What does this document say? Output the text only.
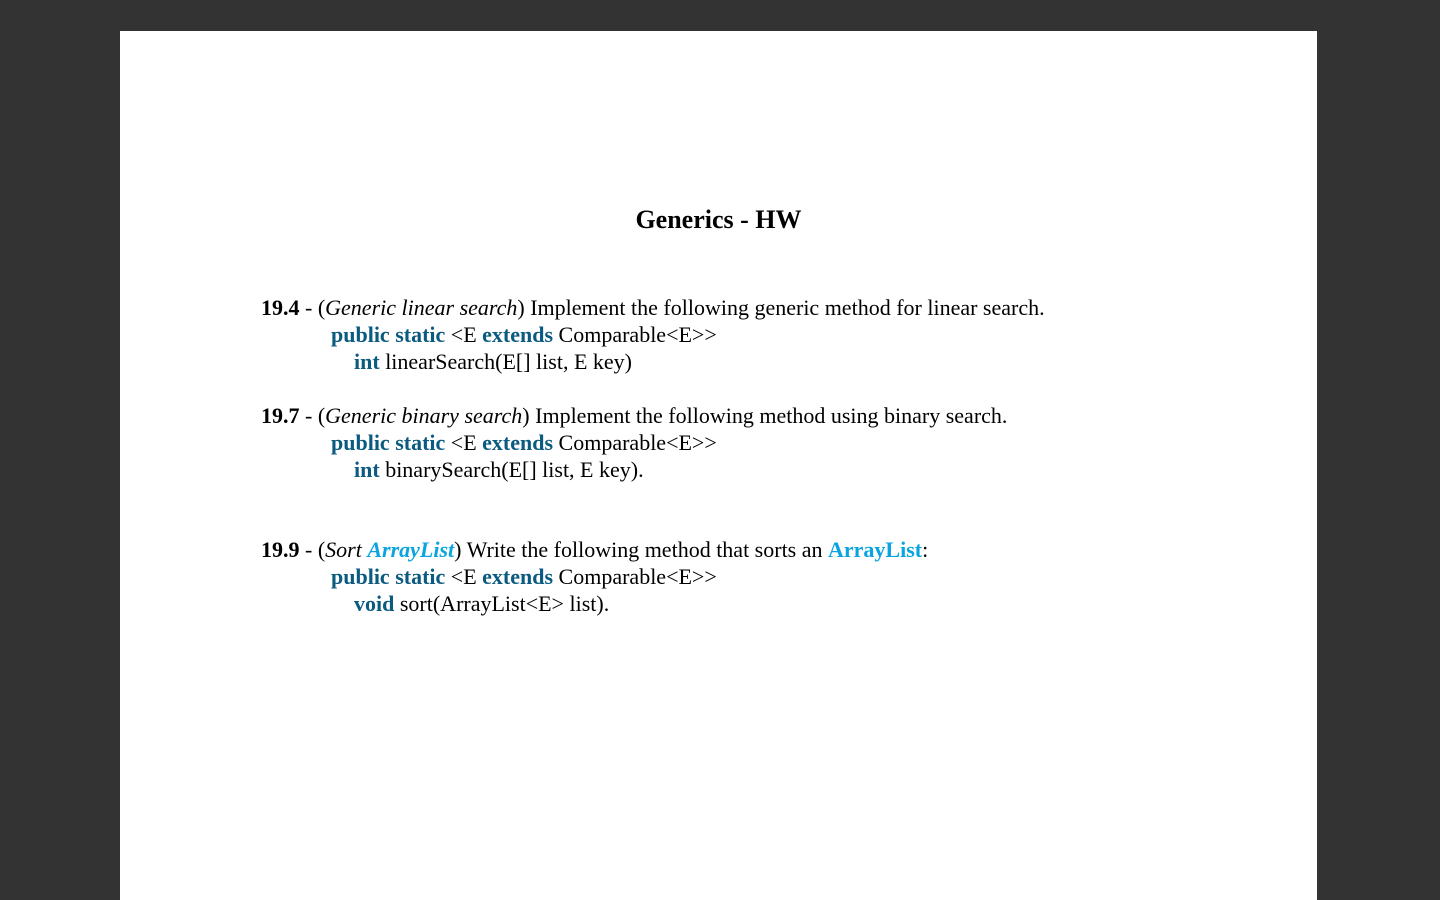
Generics - HW
19.4 - (Generic linear search) Implement the following generic method for linear search.
public static <E extends Comparable<E>>
int linearSearch(E[] list, E key)
19.7 - (Generic binary search) Implement the following method using binary search.
public static <E extends Comparable<E>>
int binarySearch(E[] list, E key).
19.9 - (Sort ArrayList) Write the following method that sorts an ArrayList:
public static <E extends Comparable<E>>
void sort(ArrayList<E> list).
